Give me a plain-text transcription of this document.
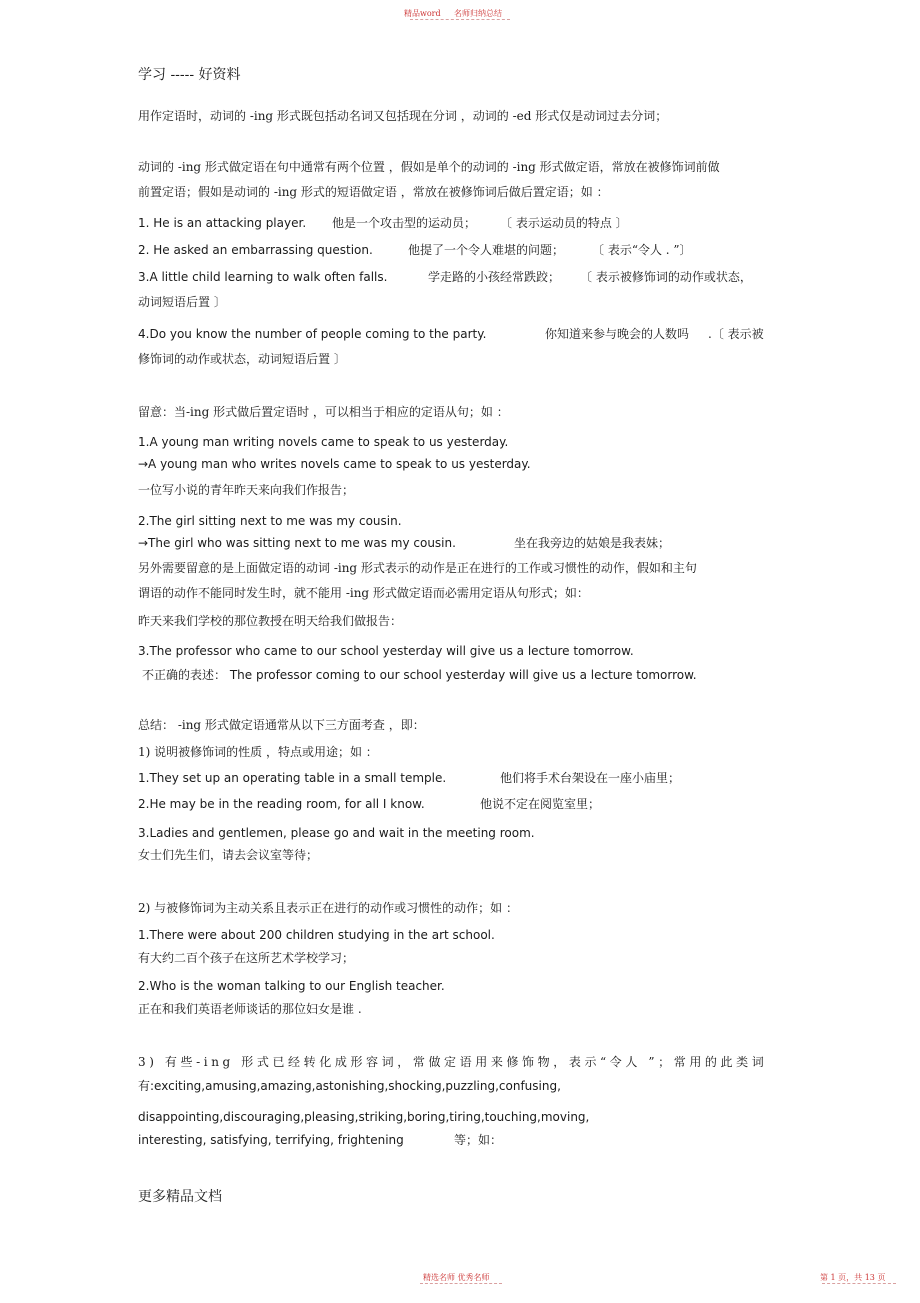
精品word 名师归纳总结
学习 ----- 好资料
用作定语时，动词的 -ing 形式既包括动名词又包括现在分词 ，动词的 -ed 形式仅是动词过去分词；
动词的 -ing 形式做定语在句中通常有两个位置 ，假如是单个的动词的 -ing 形式做定语，常放在被修饰词前做
前置定语；假如是动词的 -ing 形式的短语做定语 ，常放在被修饰词后做后置定语；如 ：
1. He is an attacking player. 他是一个攻击型的运动员； 〔 表示运动员的特点 〕
2. He asked an embarrassing question.	他提了一个令人难堪的问题； 〔 表示“令人 . ”〕
3.A little child learning to walk often falls.	学走路的小孩经常跌跤； 〔 表示被修饰词的动作或状态，
动词短语后置 〕
4.Do you know the number of people coming to the party.	你知道来参与晚会的人数吗 .〔 表示被
修饰词的动作或状态，动词短语后置 〕
留意：当-ing 形式做后置定语时 ，可以相当于相应的定语从句；如 ：
1.A young man writing novels came to speak to us yesterday.
→A young man who writes novels came to speak to us yesterday.
一位写小说的青年昨天来向我们作报告；
2.The girl sitting next to me was my cousin.
→The girl who was sitting next to me was my cousin.	坐在我旁边的姑娘是我表妹；
另外需要留意的是上面做定语的动词 -ing 形式表示的动作是正在进行的工作或习惯性的动作，假如和主句
谓语的动作不能同时发生时，就不能用 -ing 形式做定语而必需用定语从句形式；如：
昨天来我们学校的那位教授在明天给我们做报告：
3.The professor who came to our school yesterday will give us a lecture tomorrow.
不正确的表述： The professor coming to our school yesterday will give us a lecture tomorrow.
总结： -ing 形式做定语通常从以下三方面考查 ，即：
1) 说明被修饰词的性质 ，特点或用途；如 ：
1.They set up an operating table in a small temple.	他们将手术台架设在一座小庙里；
2.He may be in the reading room, for all I know.	他说不定在阅览室里；
3.Ladies and gentlemen, please go and wait in the meeting room.
女士们先生们，请去会议室等待；
2) 与被修饰词为主动关系且表示正在进行的动作或习惯性的动作；如 ：
1.There were about 200 children studying in the art school.
有大约二百个孩子在这所艺术学校学习；
2.Who is the woman talking to our English teacher.
正在和我们英语老师谈话的那位妇女是谁 .
3) 有些-ing 形式已经转化成形容词，常做定语用来修饰物，表示“令人 ”；常用的此类词
有:exciting,amusing,amazing,astonishing,shocking,puzzling,confusing,
disappointing,discouraging,pleasing,striking,boring,tiring,touching,moving,
interesting, satisfying, terrifying, frightening	等；如：
更多精品文档
精选名师 优秀名师	第 1 页，共 13 页
